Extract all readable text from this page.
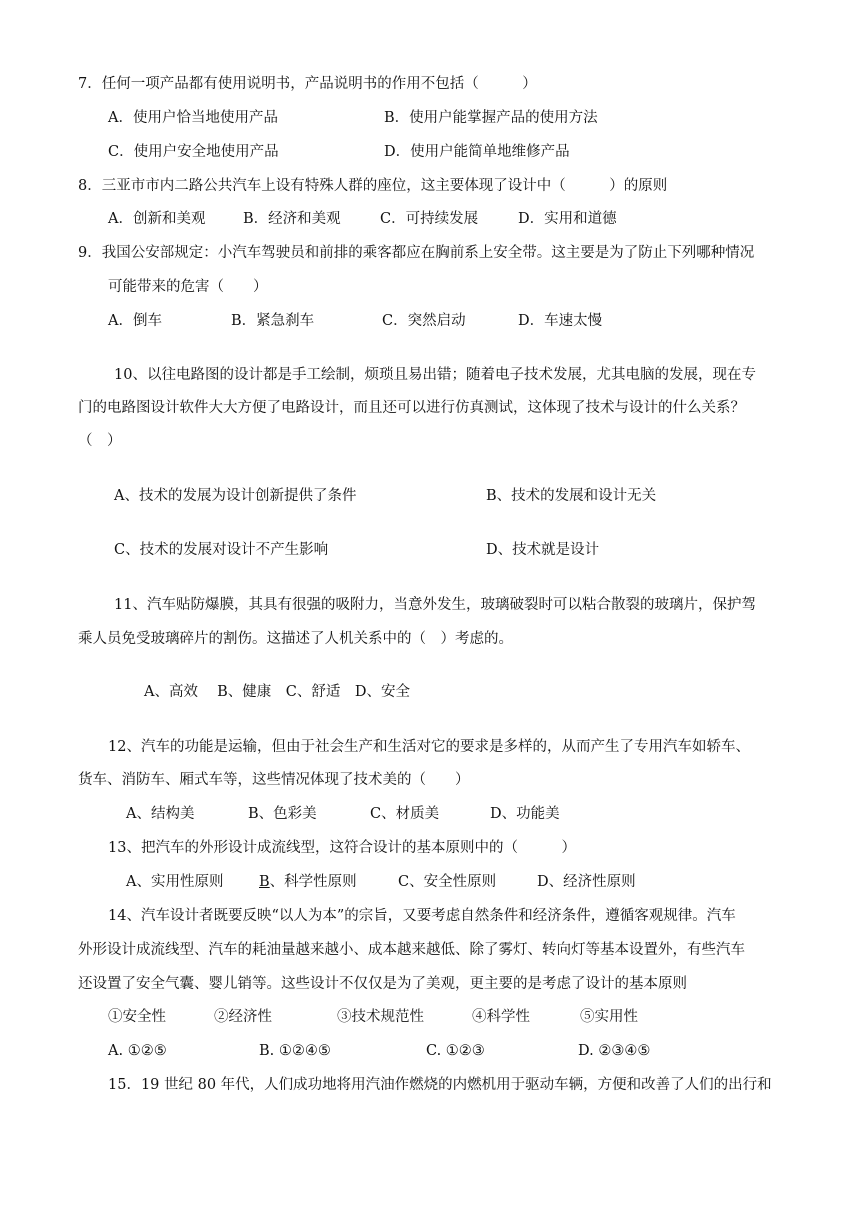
7．任何一项产品都有使用说明书，产品说明书的作用不包括（　　　）
A．使用户恰当地使用产品	B．使用户能掌握产品的使用方法
C．使用户安全地使用产品	D．使用户能简单地维修产品
8．三亚市市内二路公共汽车上设有特殊人群的座位，这主要体现了设计中（　　　）的原则
A．创新和美观	B．经济和美观	C．可持续发展	D．实用和道德
9．我国公安部规定：小汽车驾驶员和前排的乘客都应在胸前系上安全带。这主要是为了防止下列哪种情况
可能带来的危害（　　）
A．倒车	B．紧急刹车	C．突然启动	D．车速太慢
10、以往电路图的设计都是手工绘制，烦琐且易出错；随着电子技术发展，尤其电脑的发展，现在专
门的电路图设计软件大大方便了电路设计，而且还可以进行仿真测试，这体现了技术与设计的什么关系？
（　）
A、技术的发展为设计创新提供了条件	B、技术的发展和设计无关
C、技术的发展对设计不产生影响	D、技术就是设计
11、汽车贴防爆膜，其具有很强的吸附力，当意外发生，玻璃破裂时可以粘合散裂的玻璃片，保护驾
乘人员免受玻璃碎片的割伤。这描述了人机关系中的（　）考虑的。
A、高效　 B、健康　C、舒适　D、安全
12、汽车的功能是运输，但由于社会生产和生活对它的要求是多样的，从而产生了专用汽车如轿车、
货车、消防车、厢式车等，这些情况体现了技术美的（　　）
A、结构美	B、色彩美	C、材质美	D、功能美
13、把汽车的外形设计成流线型，这符合设计的基本原则中的（　　　）
A、实用性原则 B、科学性原则	C、安全性原则	D、经济性原则
14、汽车设计者既要反映“以人为本”的宗旨，又要考虑自然条件和经济条件，遵循客观规律。汽车
外形设计成流线型、汽车的耗油量越来越小、成本越来越低、除了雾灯、转向灯等基本设置外，有些汽车
还设置了安全气囊、婴儿销等。这些设计不仅仅是为了美观，更主要的是考虑了设计的基本原则
①安全性	②经济性	③技术规范性	④科学性	⑤实用性
A. ①②⑤	B. ①②④⑤	C. ①②③	D. ②③④⑤
15．19 世纪 80 年代，人们成功地将用汽油作燃烧的内燃机用于驱动车辆，方便和改善了人们的出行和
